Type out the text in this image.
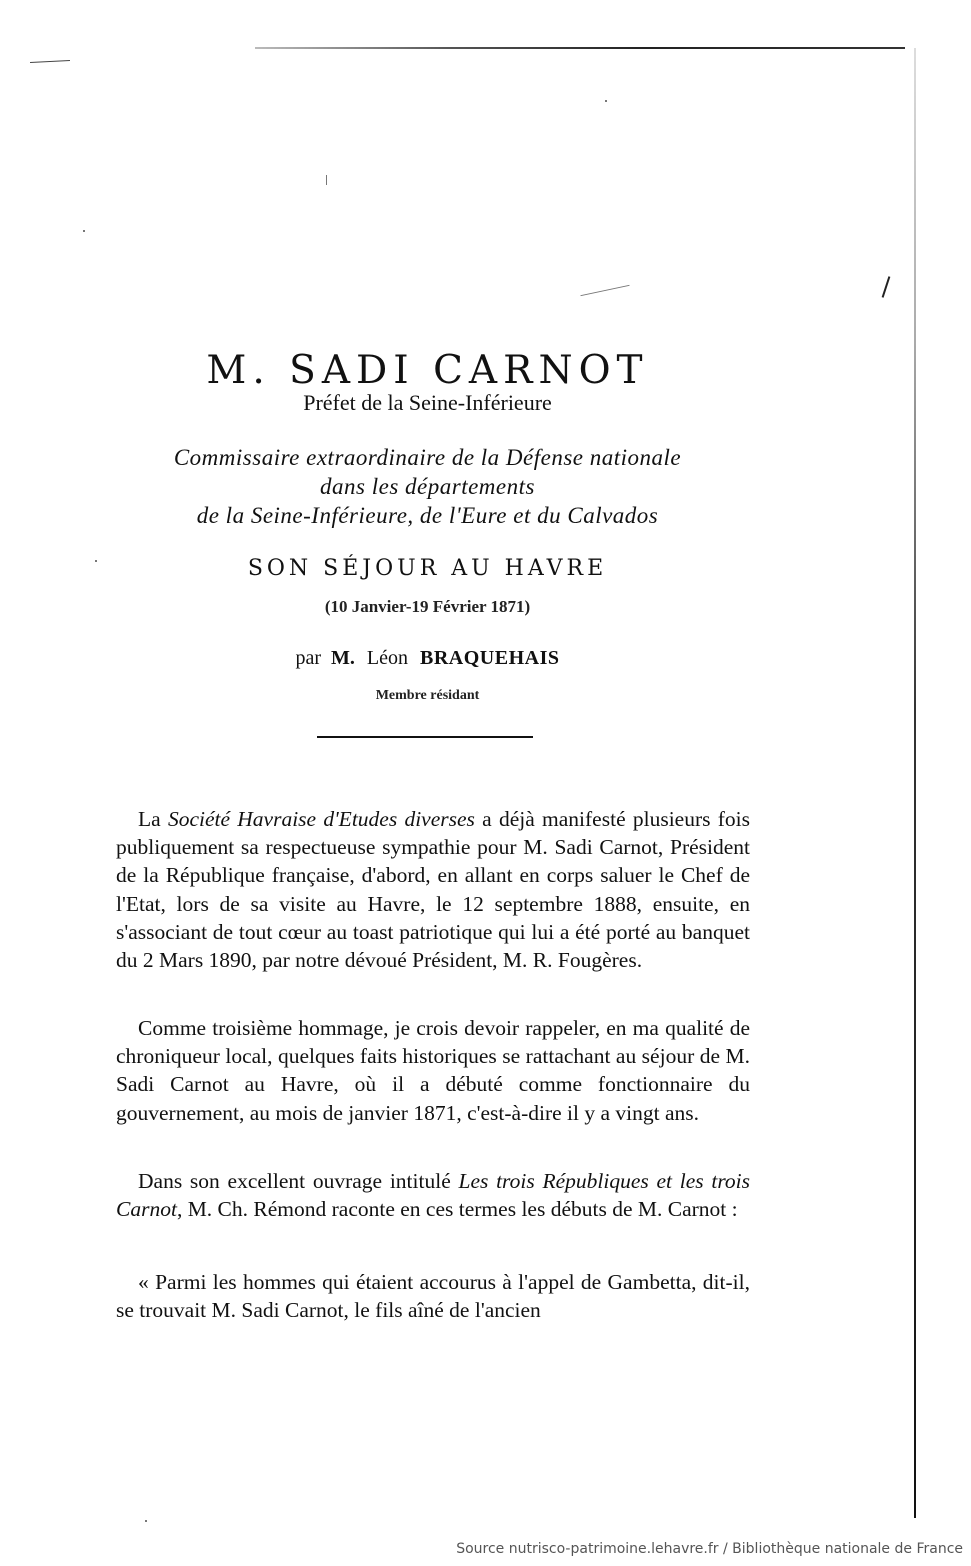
M. SADI CARNOT
Préfet de la Seine-Inférieure
Commissaire extraordinaire de la Défense nationale
dans les départements
de la Seine-Inférieure, de l'Eure et du Calvados
SON SÉJOUR AU HAVRE
(10 Janvier-19 Février 1871)
par M. Léon BRAQUEHAIS
Membre résidant

La Société Havraise d'Etudes diverses a déjà manifesté plusieurs fois publiquement sa respectueuse sympathie pour M. Sadi Carnot, Président de la République française, d'abord, en allant en corps saluer le Chef de l'Etat, lors de sa visite au Havre, le 12 septembre 1888, ensuite, en s'associant de tout cœur au toast patriotique qui lui a été porté au banquet du 2 Mars 1890, par notre dévoué Président, M. R. Fougères.

Comme troisième hommage, je crois devoir rappeler, en ma qualité de chroniqueur local, quelques faits historiques se rattachant au séjour de M. Sadi Carnot au Havre, où il a débuté comme fonctionnaire du gouvernement, au mois de janvier 1871, c'est-à-dire il y a vingt ans.

Dans son excellent ouvrage intitulé Les trois Républiques et les trois Carnot, M. Ch. Rémond raconte en ces termes les débuts de M. Carnot :

« Parmi les hommes qui étaient accourus à l'appel de Gambetta, dit-il, se trouvait M. Sadi Carnot, le fils aîné de l'ancien

Source nutrisco-patrimoine.lehavre.fr / Bibliothèque nationale de France
